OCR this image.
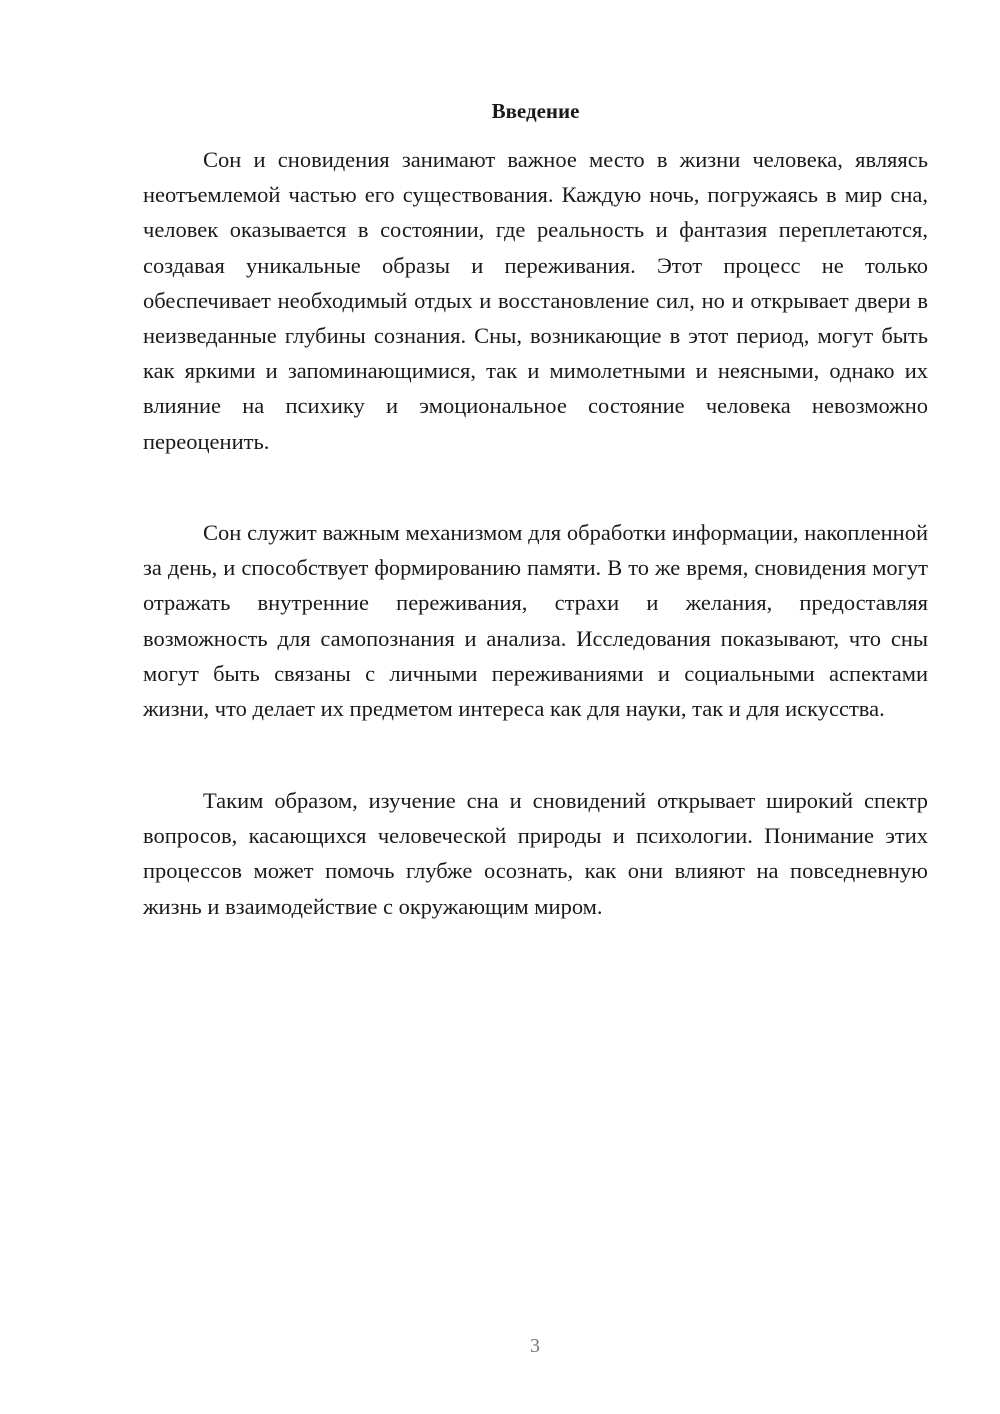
Введение

Сон и сновидения занимают важное место в жизни человека, являясь неотъемлемой частью его существования. Каждую ночь, погружаясь в мир сна, человек оказывается в состоянии, где реальность и фантазия переплетаются, создавая уникальные образы и переживания. Этот процесс не только обеспечивает необходимый отдых и восстановление сил, но и открывает двери в неизведанные глубины сознания. Сны, возникающие в этот период, могут быть как яркими и запоминающимися, так и мимолетными и неясными, однако их влияние на психику и эмоциональное состояние человека невозможно переоценить.

Сон служит важным механизмом для обработки информации, накопленной за день, и способствует формированию памяти. В то же время, сновидения могут отражать внутренние переживания, страхи и желания, предоставляя возможность для самопознания и анализа. Исследования показывают, что сны могут быть связаны с личными переживаниями и социальными аспектами жизни, что делает их предметом интереса как для науки, так и для искусства.

Таким образом, изучение сна и сновидений открывает широкий спектр вопросов, касающихся человеческой природы и психологии. Понимание этих процессов может помочь глубже осознать, как они влияют на повседневную жизнь и взаимодействие с окружающим миром.

3
